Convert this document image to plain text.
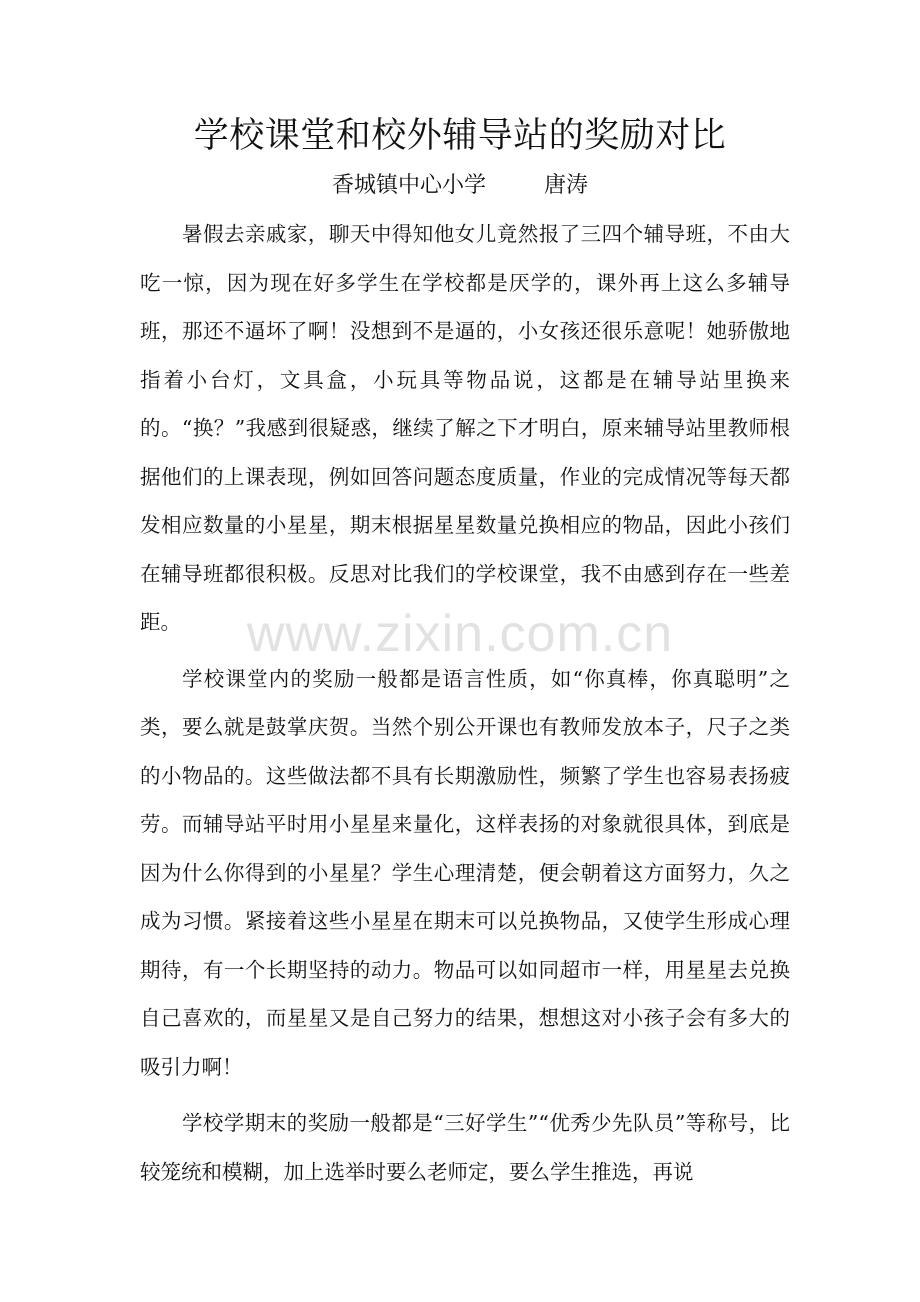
学校课堂和校外辅导站的奖励对比
香城镇中心小学	唐涛

暑假去亲戚家，聊天中得知他女儿竟然报了三四个辅导班，不由大吃一惊，因为现在好多学生在学校都是厌学的，课外再上这么多辅导班，那还不逼坏了啊！没想到不是逼的，小女孩还很乐意呢！她骄傲地指着小台灯，文具盒，小玩具等物品说，这都是在辅导站里换来的。“换？”我感到很疑惑，继续了解之下才明白，原来辅导站里教师根据他们的上课表现，例如回答问题态度质量，作业的完成情况等每天都发相应数量的小星星，期末根据星星数量兑换相应的物品，因此小孩们在辅导班都很积极。反思对比我们的学校课堂，我不由感到存在一些差距。

学校课堂内的奖励一般都是语言性质，如“你真棒，你真聪明”之类，要么就是鼓掌庆贺。当然个别公开课也有教师发放本子，尺子之类的小物品的。这些做法都不具有长期激励性，频繁了学生也容易表扬疲劳。而辅导站平时用小星星来量化，这样表扬的对象就很具体，到底是因为什么你得到的小星星？学生心理清楚，便会朝着这方面努力，久之成为习惯。紧接着这些小星星在期末可以兑换物品，又使学生形成心理期待，有一个长期坚持的动力。物品可以如同超市一样，用星星去兑换自己喜欢的，而星星又是自己努力的结果，想想这对小孩子会有多大的吸引力啊！

学校学期末的奖励一般都是“三好学生”“优秀少先队员”等称号，比较笼统和模糊，加上选举时要么老师定，要么学生推选，再说

www.zixin.com.cn
